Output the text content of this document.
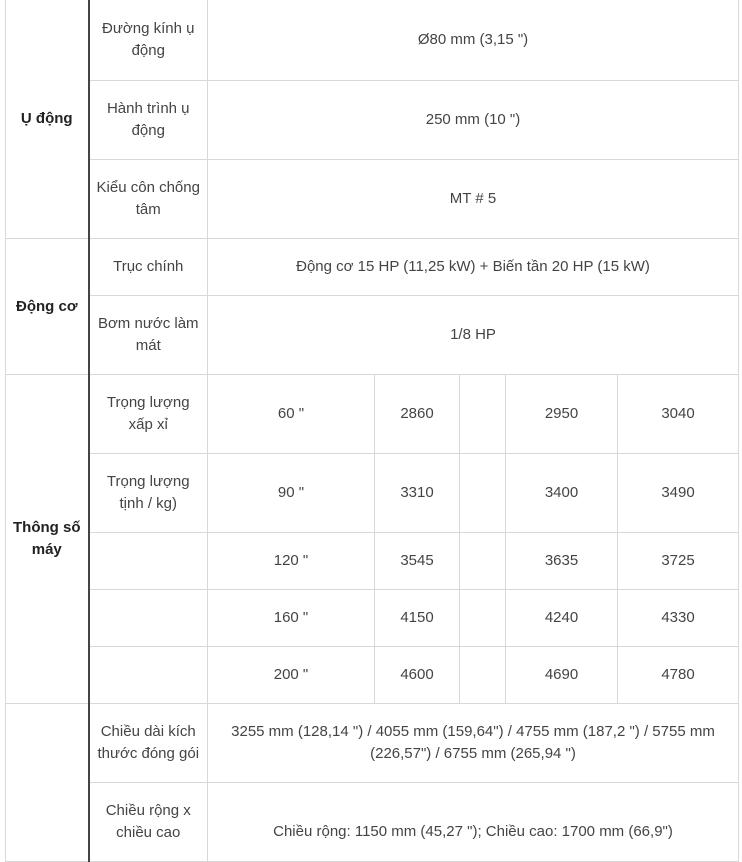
Ụ động	Đường kính ụ động	Ø80 mm (3,15 ")				
	Hành trình ụ động	250 mm (10 ")				
	Kiểu côn chống tâm	MT # 5				
Động cơ	Trục chính	Động cơ 15 HP (11,25 kW) + Biến tần 20 HP (15 kW)				
	Bơm nước làm mát	1/8 HP				
Thông số máy	Trọng lượng xấp xỉ	60 "	2860		2950	3040
	Trọng lượng tịnh / kg)	90 "	3310		3400	3490
		120 "	3545		3635	3725
		160 "	4150		4240	4330
		200 "	4600		4690	4780
	Chiều dài kích thước đóng gói	3255 mm (128,14 ") / 4055 mm (159,64") / 4755 mm (187,2 ") / 5755 mm (226,57") / 6755 mm (265,94 ")				
	Chiều rộng x chiều cao	Chiều rộng: 1150 mm (45,27 "); Chiều cao: 1700 mm (66,9")				
